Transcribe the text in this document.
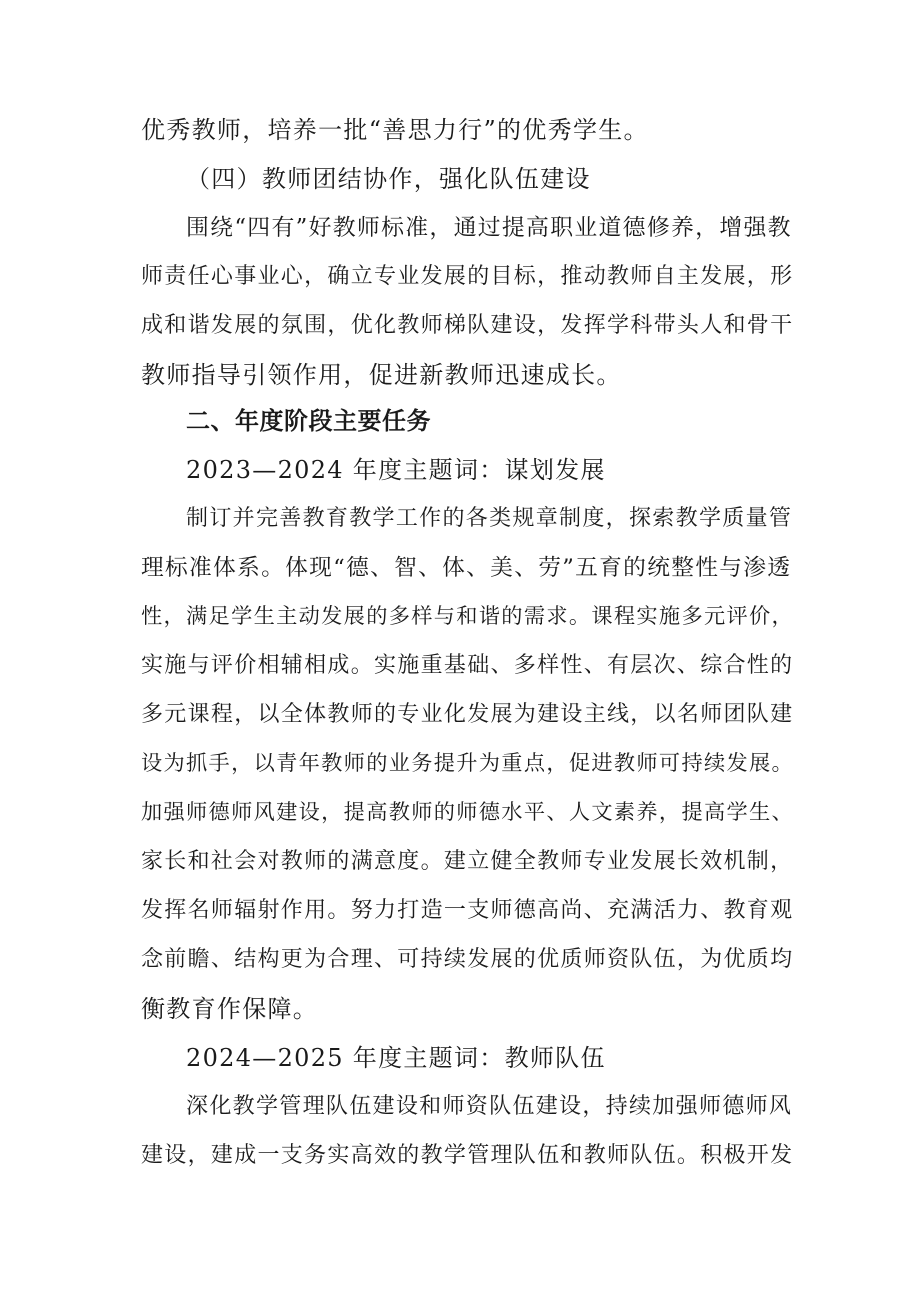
优秀教师，培养一批“善思力行”的优秀学生。
（四）教师团结协作，强化队伍建设
围绕“四有”好教师标准，通过提高职业道德修养，增强教
师责任心事业心，确立专业发展的目标，推动教师自主发展，形
成和谐发展的氛围，优化教师梯队建设，发挥学科带头人和骨干
教师指导引领作用，促进新教师迅速成长。
二、年度阶段主要任务
2023—2024 年度主题词：谋划发展
制订并完善教育教学工作的各类规章制度，探索教学质量管
理标准体系。体现“德、智、体、美、劳”五育的统整性与渗透
性，满足学生主动发展的多样与和谐的需求。课程实施多元评价，
实施与评价相辅相成。实施重基础、多样性、有层次、综合性的
多元课程，以全体教师的专业化发展为建设主线，以名师团队建
设为抓手，以青年教师的业务提升为重点，促进教师可持续发展。
加强师德师风建设，提高教师的师德水平、人文素养，提高学生、
家长和社会对教师的满意度。建立健全教师专业发展长效机制，
发挥名师辐射作用。努力打造一支师德高尚、充满活力、教育观
念前瞻、结构更为合理、可持续发展的优质师资队伍，为优质均
衡教育作保障。
2024—2025 年度主题词：教师队伍
深化教学管理队伍建设和师资队伍建设，持续加强师德师风
建设，建成一支务实高效的教学管理队伍和教师队伍。积极开发
